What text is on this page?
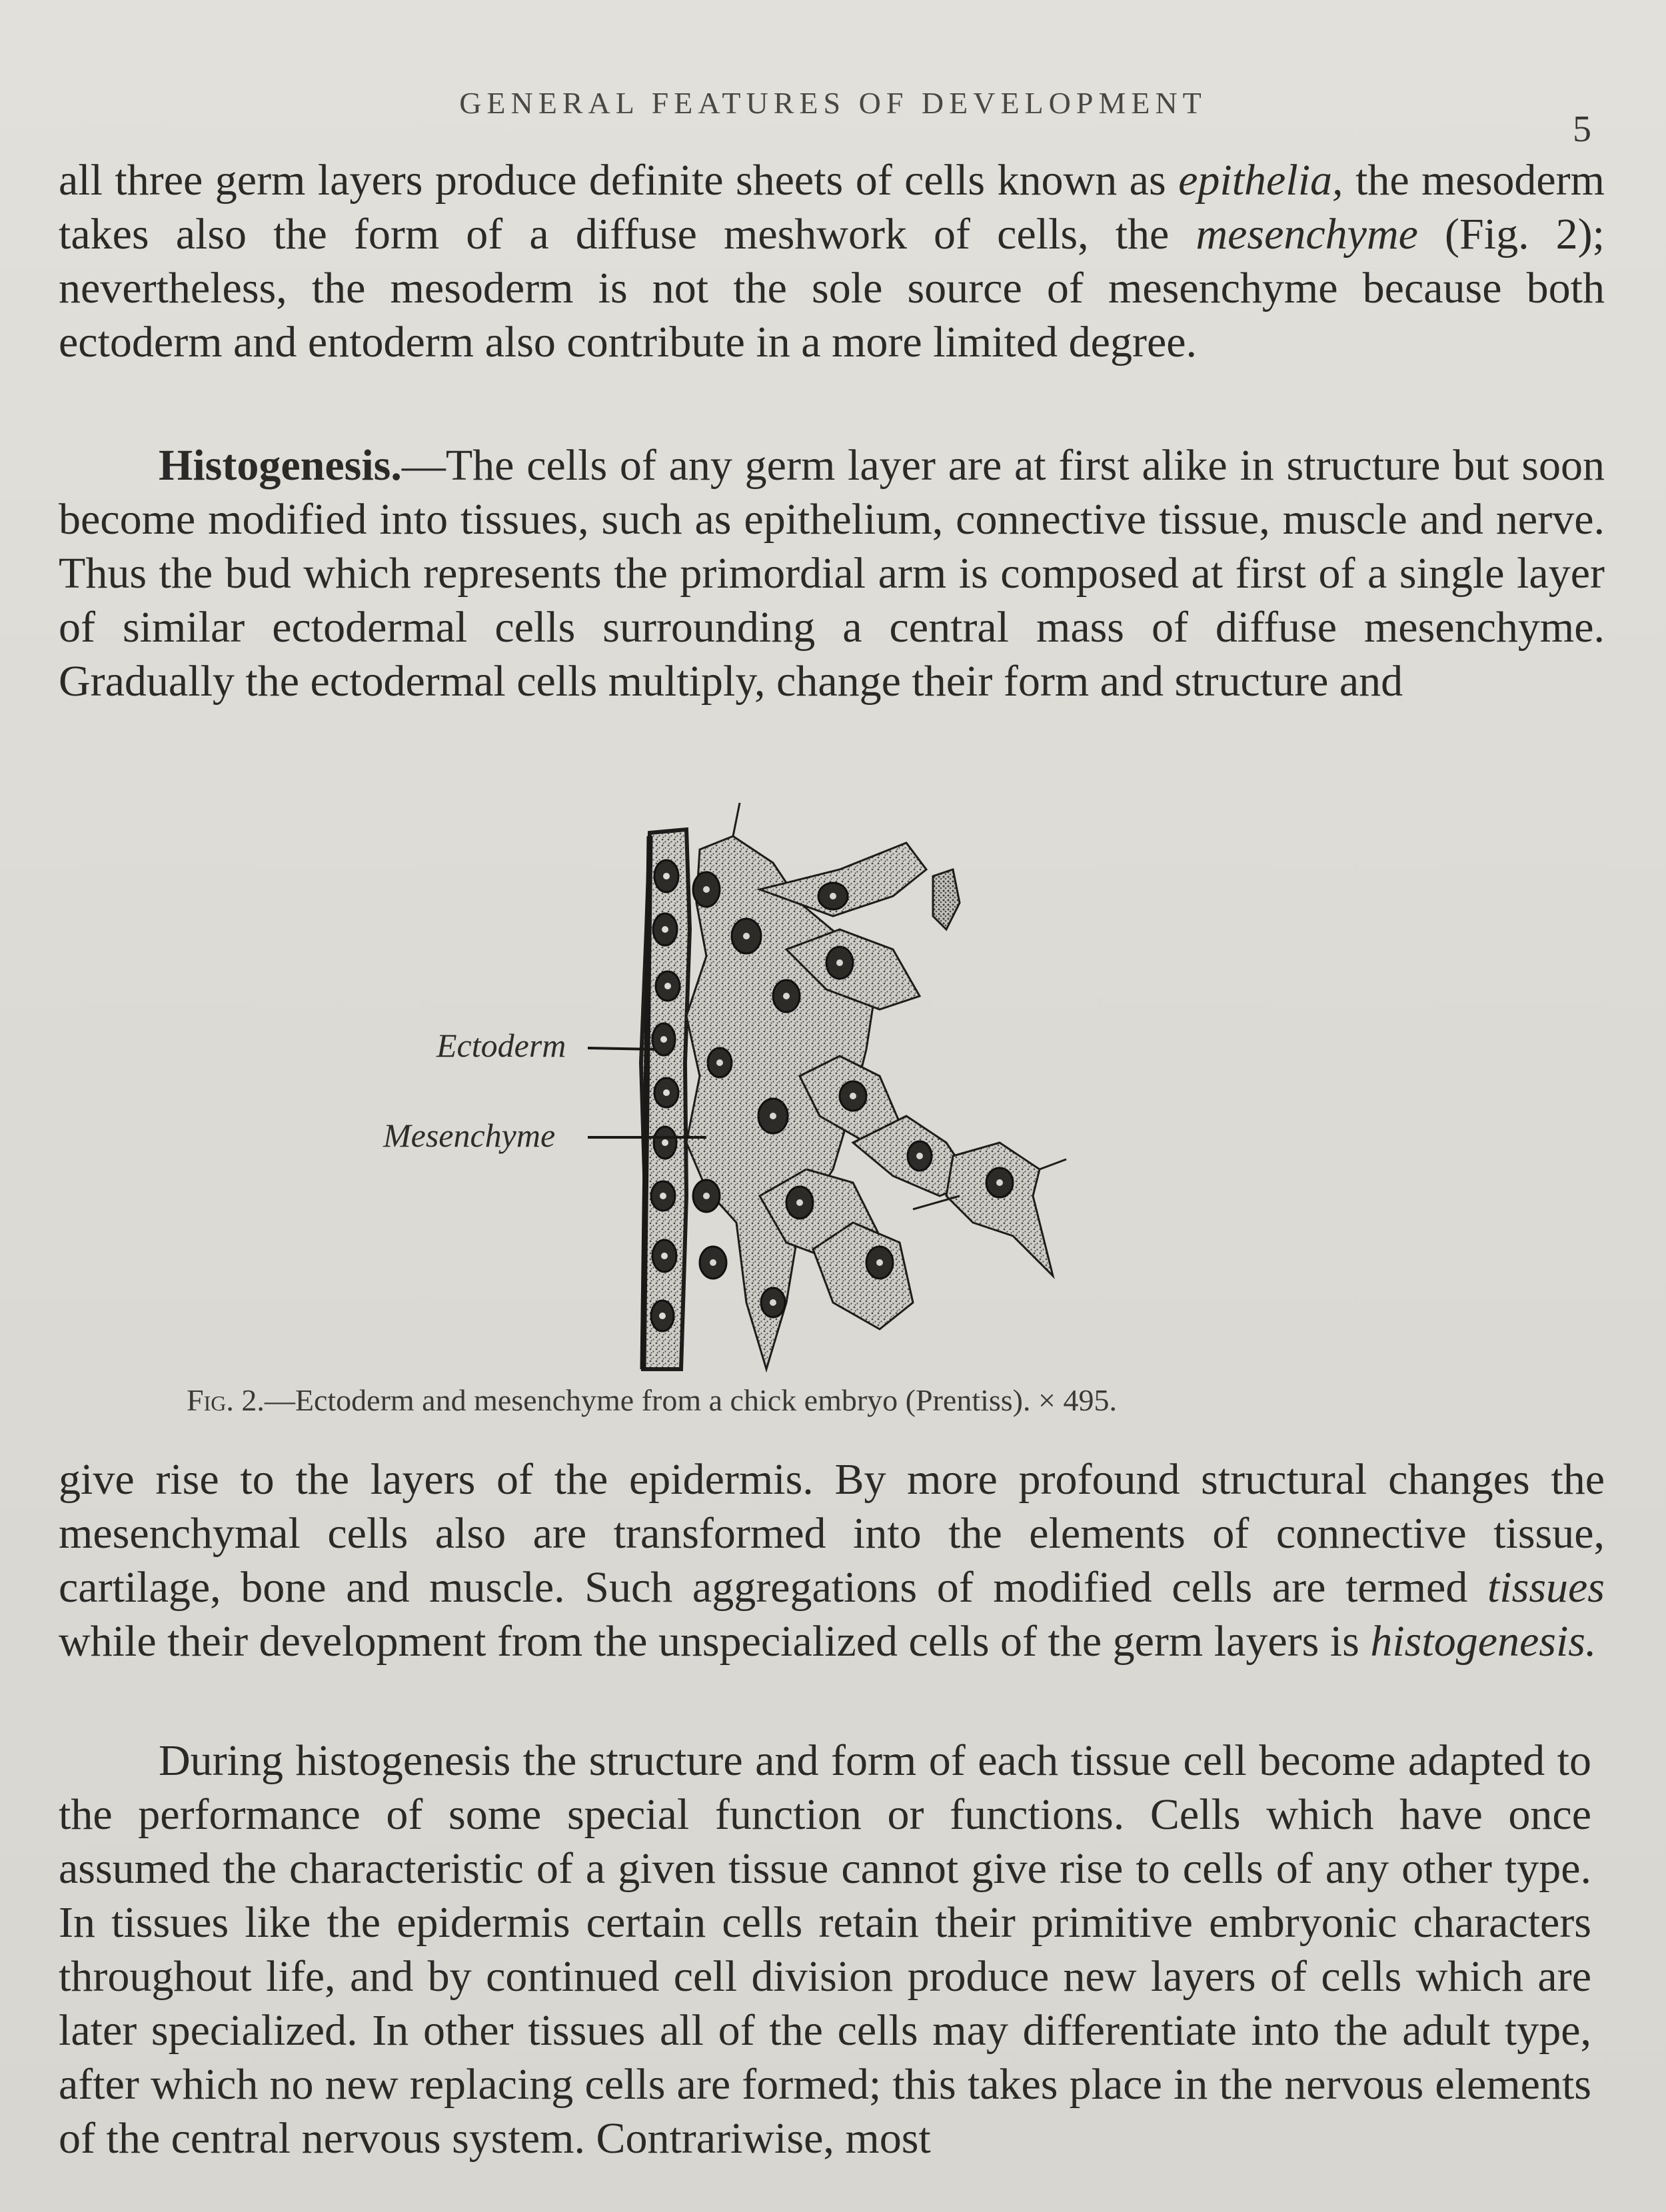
GENERAL FEATURES OF DEVELOPMENT
5

all three germ layers produce definite sheets of cells known as epithelia, the mesoderm takes also the form of a diffuse meshwork of cells, the mesenchyme (Fig. 2); nevertheless, the mesoderm is not the sole source of mesenchyme because both ectoderm and entoderm also contribute in a more limited degree.

Histogenesis.—The cells of any germ layer are at first alike in structure but soon become modified into tissues, such as epithelium, connective tissue, muscle and nerve. Thus the bud which represents the primordial arm is composed at first of a single layer of similar ectodermal cells surrounding a central mass of diffuse mesenchyme. Gradually the ectodermal cells multiply, change their form and structure and

Ectoderm
Mesenchyme
Fig. 2.—Ectoderm and mesenchyme from a chick embryo (Prentiss). × 495.

give rise to the layers of the epidermis. By more profound structural changes the mesenchymal cells also are transformed into the elements of connective tissue, cartilage, bone and muscle. Such aggregations of modified cells are termed tissues while their development from the unspecialized cells of the germ layers is histogenesis.

During histogenesis the structure and form of each tissue cell become adapted to the performance of some special function or functions. Cells which have once assumed the characteristic of a given tissue cannot give rise to cells of any other type. In tissues like the epidermis certain cells retain their primitive embryonic characters throughout life, and by continued cell division produce new layers of cells which are later specialized. In other tissues all of the cells may differentiate into the adult type, after which no new replacing cells are formed; this takes place in the nervous elements of the central nervous system. Contrariwise, most
